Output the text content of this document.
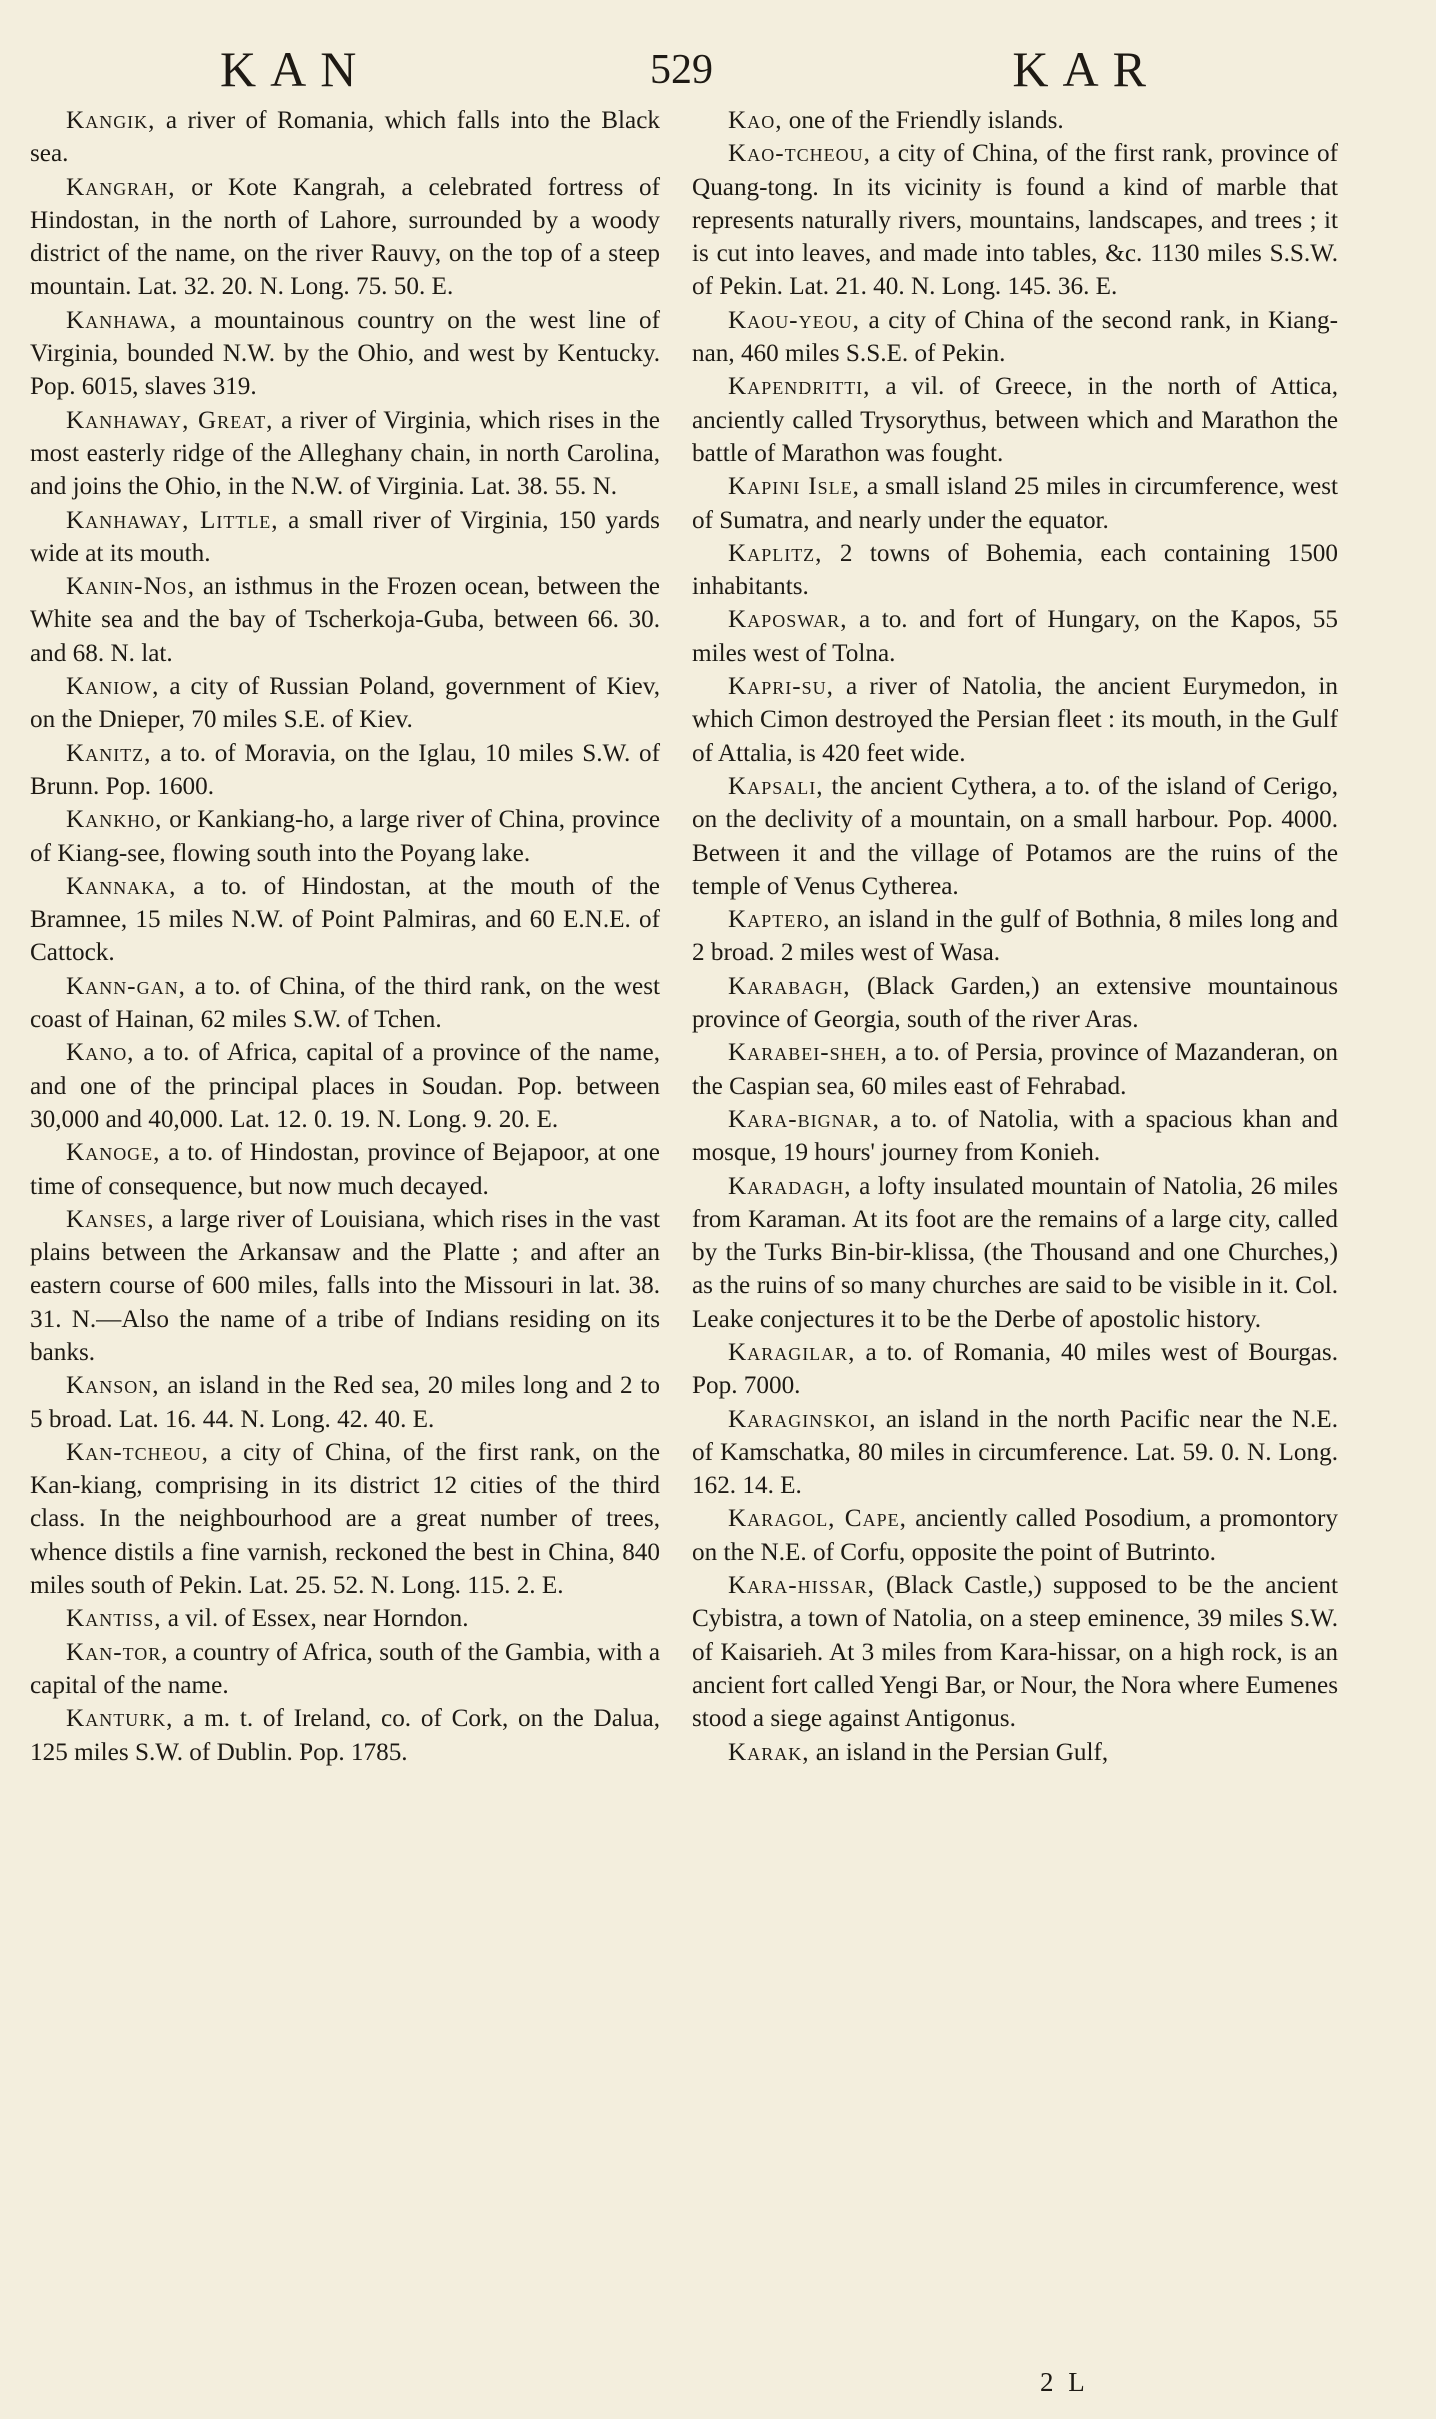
KAN	529	KAR

Kangik, a river of Romania, which falls into the Black sea.

Kangrah, or Kote Kangrah, a celebrated fortress of Hindostan, in the north of Lahore, surrounded by a woody district of the name, on the river Rauvy, on the top of a steep mountain. Lat. 32. 20. N. Long. 75. 50. E.

Kanhawa, a mountainous country on the west line of Virginia, bounded N.W. by the Ohio, and west by Kentucky. Pop. 6015, slaves 319.

Kanhaway, Great, a river of Virginia, which rises in the most easterly ridge of the Alleghany chain, in north Carolina, and joins the Ohio, in the N.W. of Virginia. Lat. 38. 55. N.

Kanhaway, Little, a small river of Virginia, 150 yards wide at its mouth.

Kanin-Nos, an isthmus in the Frozen ocean, between the White sea and the bay of Tscherkoja-Guba, between 66. 30. and 68. N. lat.

Kaniow, a city of Russian Poland, government of Kiev, on the Dnieper, 70 miles S.E. of Kiev.

Kanitz, a to. of Moravia, on the Iglau, 10 miles S.W. of Brunn. Pop. 1600.

Kankho, or Kankiang-ho, a large river of China, province of Kiang-see, flowing south into the Poyang lake.

Kannaka, a to. of Hindostan, at the mouth of the Bramnee, 15 miles N.W. of Point Palmiras, and 60 E.N.E. of Cattock.

Kann-gan, a to. of China, of the third rank, on the west coast of Hainan, 62 miles S.W. of Tchen.

Kano, a to. of Africa, capital of a province of the name, and one of the principal places in Soudan. Pop. between 30,000 and 40,000. Lat. 12. 0. 19. N. Long. 9. 20. E.

Kanoge, a to. of Hindostan, province of Bejapoor, at one time of consequence, but now much decayed.

Kanses, a large river of Louisiana, which rises in the vast plains between the Arkansaw and the Platte ; and after an eastern course of 600 miles, falls into the Missouri in lat. 38. 31. N.—Also the name of a tribe of Indians residing on its banks.

Kanson, an island in the Red sea, 20 miles long and 2 to 5 broad. Lat. 16. 44. N. Long. 42. 40. E.

Kan-tcheou, a city of China, of the first rank, on the Kan-kiang, comprising in its district 12 cities of the third class. In the neighbourhood are a great number of trees, whence distils a fine varnish, reckoned the best in China, 840 miles south of Pekin. Lat. 25. 52. N. Long. 115. 2. E.

Kantiss, a vil. of Essex, near Horndon.

Kan-tor, a country of Africa, south of the Gambia, with a capital of the name.

Kanturk, a m. t. of Ireland, co. of Cork, on the Dalua, 125 miles S.W. of Dublin. Pop. 1785.

Kao, one of the Friendly islands.

Kao-tcheou, a city of China, of the first rank, province of Quang-tong. In its vicinity is found a kind of marble that represents naturally rivers, mountains, landscapes, and trees ; it is cut into leaves, and made into tables, &c. 1130 miles S.S.W. of Pekin. Lat. 21. 40. N. Long. 145. 36. E.

Kaou-yeou, a city of China of the second rank, in Kiang-nan, 460 miles S.S.E. of Pekin.

Kapendritti, a vil. of Greece, in the north of Attica, anciently called Trysorythus, between which and Marathon the battle of Marathon was fought.

Kapini Isle, a small island 25 miles in circumference, west of Sumatra, and nearly under the equator.

Kaplitz, 2 towns of Bohemia, each containing 1500 inhabitants.

Kaposwar, a to. and fort of Hungary, on the Kapos, 55 miles west of Tolna.

Kapri-su, a river of Natolia, the ancient Eurymedon, in which Cimon destroyed the Persian fleet : its mouth, in the Gulf of Attalia, is 420 feet wide.

Kapsali, the ancient Cythera, a to. of the island of Cerigo, on the declivity of a mountain, on a small harbour. Pop. 4000. Between it and the village of Potamos are the ruins of the temple of Venus Cytherea.

Kaptero, an island in the gulf of Bothnia, 8 miles long and 2 broad. 2 miles west of Wasa.

Karabagh, (Black Garden,) an extensive mountainous province of Georgia, south of the river Aras.

Karabei-sheh, a to. of Persia, province of Mazanderan, on the Caspian sea, 60 miles east of Fehrabad.

Kara-bignar, a to. of Natolia, with a spacious khan and mosque, 19 hours' journey from Konieh.

Karadagh, a lofty insulated mountain of Natolia, 26 miles from Karaman. At its foot are the remains of a large city, called by the Turks Bin-bir-klissa, (the Thousand and one Churches,) as the ruins of so many churches are said to be visible in it. Col. Leake conjectures it to be the Derbe of apostolic history.

Karagilar, a to. of Romania, 40 miles west of Bourgas. Pop. 7000.

Karaginskoi, an island in the north Pacific near the N.E. of Kamschatka, 80 miles in circumference. Lat. 59. 0. N. Long. 162. 14. E.

Karagol, Cape, anciently called Posodium, a promontory on the N.E. of Corfu, opposite the point of Butrinto.

Kara-hissar, (Black Castle,) supposed to be the ancient Cybistra, a town of Natolia, on a steep eminence, 39 miles S.W. of Kaisarieh. At 3 miles from Kara-hissar, on a high rock, is an ancient fort called Yengi Bar, or Nour, the Nora where Eumenes stood a siege against Antigonus.

Karak, an island in the Persian Gulf,

2 L
